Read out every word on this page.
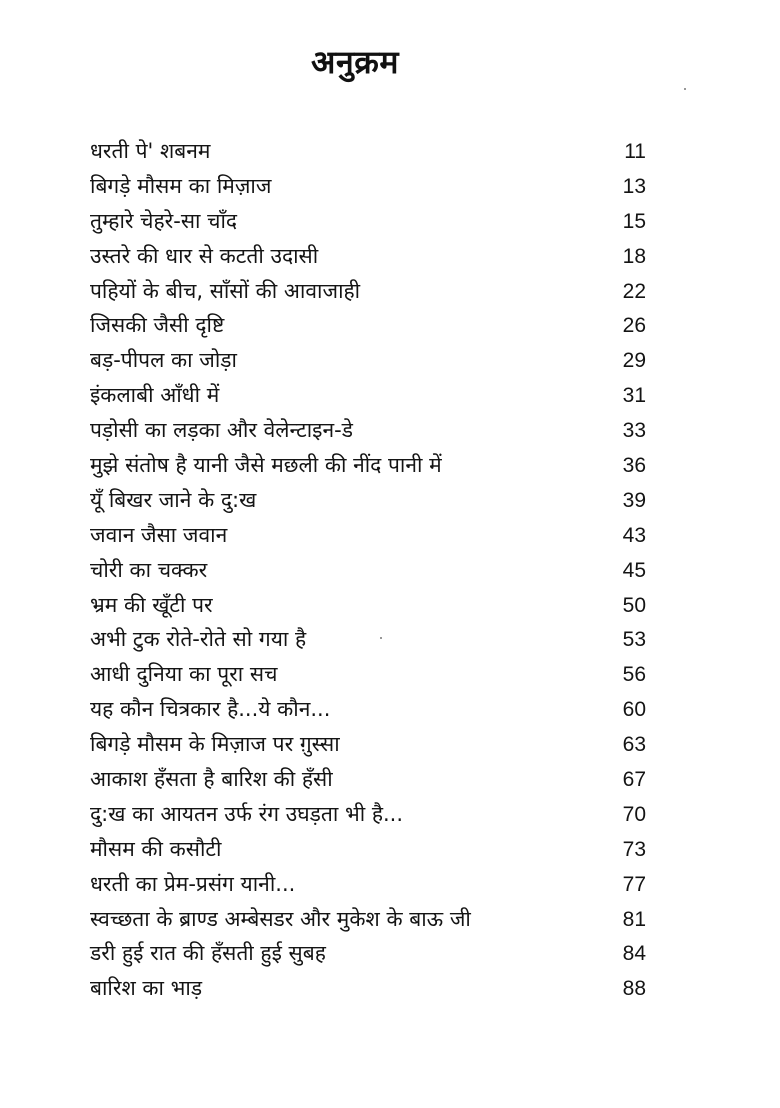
अनुक्रम
धरती पे' शबनम	11
बिगड़े मौसम का मिज़ाज	13
तुम्हारे चेहरे-सा चाँद	15
उस्तरे की धार से कटती उदासी	18
पहियों के बीच, साँसों की आवाजाही	22
जिसकी जैसी दृष्टि	26
बड़-पीपल का जोड़ा	29
इंकलाबी आँधी में	31
पड़ोसी का लड़का और वेलेन्टाइन-डे	33
मुझे संतोष है यानी जैसे मछली की नींद पानी में	36
यूँ बिखर जाने के दु:ख	39
जवान जैसा जवान	43
चोरी का चक्कर	45
भ्रम की खूँटी पर	50
अभी टुक रोते-रोते सो गया है	53
आधी दुनिया का पूरा सच	56
यह कौन चित्रकार है...ये कौन...	60
बिगड़े मौसम के मिज़ाज पर ग़ुस्सा	63
आकाश हँसता है बारिश की हँसी	67
दु:ख का आयतन उर्फ रंग उघड़ता भी है...	70
मौसम की कसौटी	73
धरती का प्रेम-प्रसंग यानी...	77
स्वच्छता के ब्राण्ड अम्बेसडर और मुकेश के बाऊ जी	81
डरी हुई रात की हँसती हुई सुबह	84
बारिश का भाड़	88
